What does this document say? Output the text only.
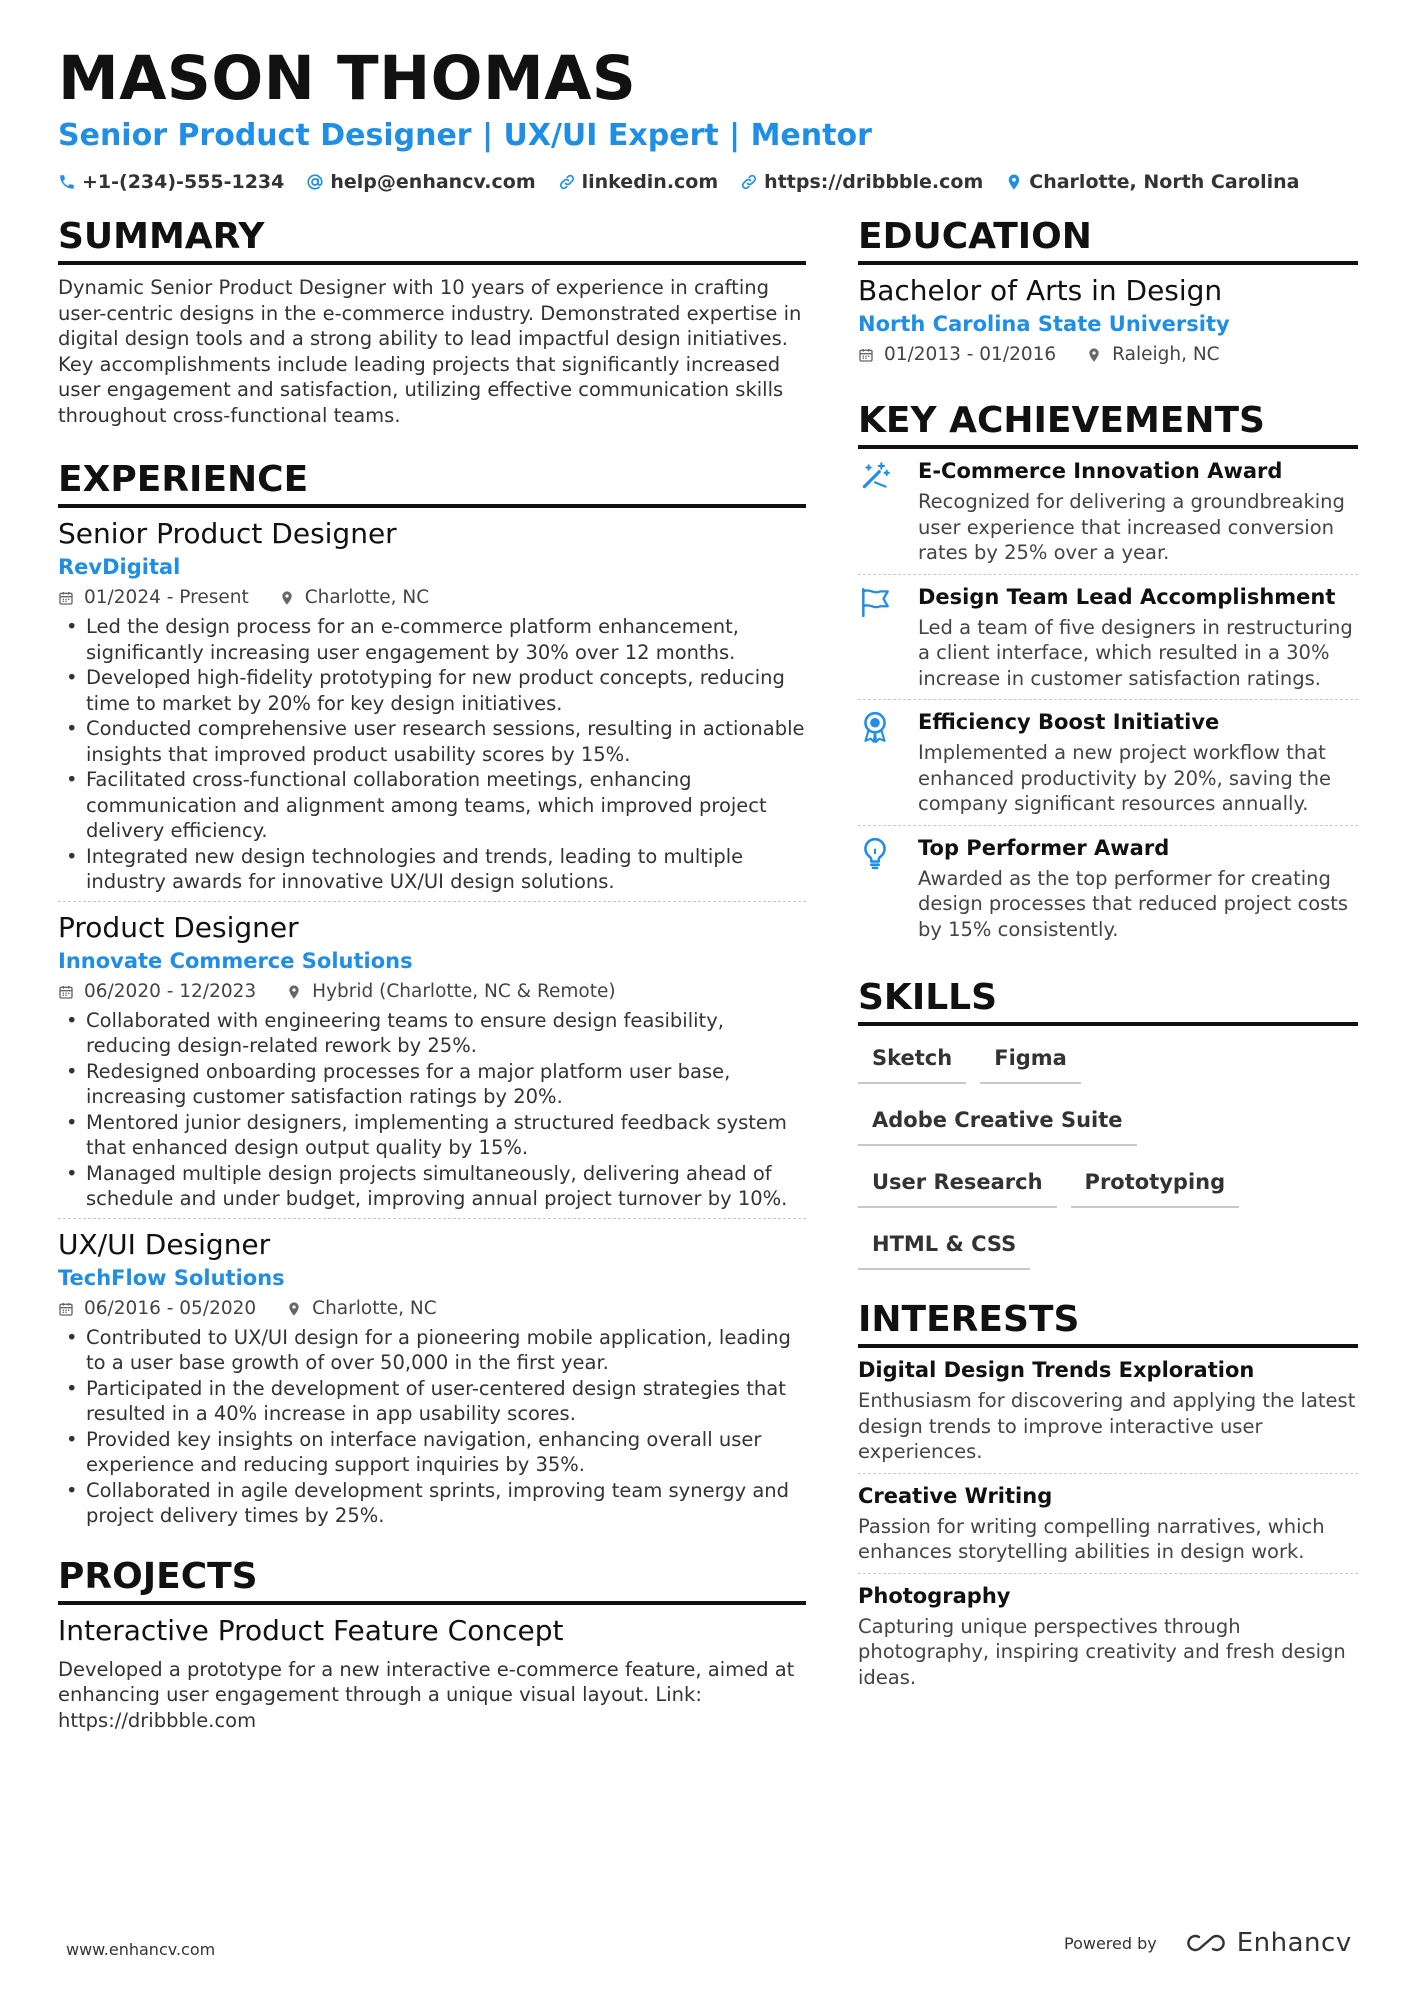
MASON THOMAS
Senior Product Designer | UX/UI Expert | Mentor
+1-(234)-555-1234 help@enhancv.com linkedin.com https://dribbble.com Charlotte, North Carolina
SUMMARY
Dynamic Senior Product Designer with 10 years of experience in crafting user-centric designs in the e-commerce industry. Demonstrated expertise in digital design tools and a strong ability to lead impactful design initiatives. Key accomplishments include leading projects that significantly increased user engagement and satisfaction, utilizing effective communication skills throughout cross-functional teams.
EXPERIENCE
Senior Product Designer
RevDigital
01/2024 - Present	Charlotte, NC
• Led the design process for an e-commerce platform enhancement, significantly increasing user engagement by 30% over 12 months.
• Developed high-fidelity prototyping for new product concepts, reducing time to market by 20% for key design initiatives.
• Conducted comprehensive user research sessions, resulting in actionable insights that improved product usability scores by 15%.
• Facilitated cross-functional collaboration meetings, enhancing communication and alignment among teams, which improved project delivery efficiency.
• Integrated new design technologies and trends, leading to multiple industry awards for innovative UX/UI design solutions.
Product Designer
Innovate Commerce Solutions
06/2020 - 12/2023	Hybrid (Charlotte, NC & Remote)
• Collaborated with engineering teams to ensure design feasibility, reducing design-related rework by 25%.
• Redesigned onboarding processes for a major platform user base, increasing customer satisfaction ratings by 20%.
• Mentored junior designers, implementing a structured feedback system that enhanced design output quality by 15%.
• Managed multiple design projects simultaneously, delivering ahead of schedule and under budget, improving annual project turnover by 10%.
UX/UI Designer
TechFlow Solutions
06/2016 - 05/2020	Charlotte, NC
• Contributed to UX/UI design for a pioneering mobile application, leading to a user base growth of over 50,000 in the first year.
• Participated in the development of user-centered design strategies that resulted in a 40% increase in app usability scores.
• Provided key insights on interface navigation, enhancing overall user experience and reducing support inquiries by 35%.
• Collaborated in agile development sprints, improving team synergy and project delivery times by 25%.
PROJECTS
Interactive Product Feature Concept
Developed a prototype for a new interactive e-commerce feature, aimed at enhancing user engagement through a unique visual layout. Link: https://dribbble.com
EDUCATION
Bachelor of Arts in Design
North Carolina State University
01/2013 - 01/2016	Raleigh, NC
KEY ACHIEVEMENTS
E-Commerce Innovation Award
Recognized for delivering a groundbreaking user experience that increased conversion rates by 25% over a year.
Design Team Lead Accomplishment
Led a team of five designers in restructuring a client interface, which resulted in a 30% increase in customer satisfaction ratings.
Efficiency Boost Initiative
Implemented a new project workflow that enhanced productivity by 20%, saving the company significant resources annually.
Top Performer Award
Awarded as the top performer for creating design processes that reduced project costs by 15% consistently.
SKILLS
Sketch	Figma
Adobe Creative Suite
User Research	Prototyping
HTML & CSS
INTERESTS
Digital Design Trends Exploration
Enthusiasm for discovering and applying the latest design trends to improve interactive user experiences.
Creative Writing
Passion for writing compelling narratives, which enhances storytelling abilities in design work.
Photography
Capturing unique perspectives through photography, inspiring creativity and fresh design ideas.
www.enhancv.com	Powered by	Enhancv
